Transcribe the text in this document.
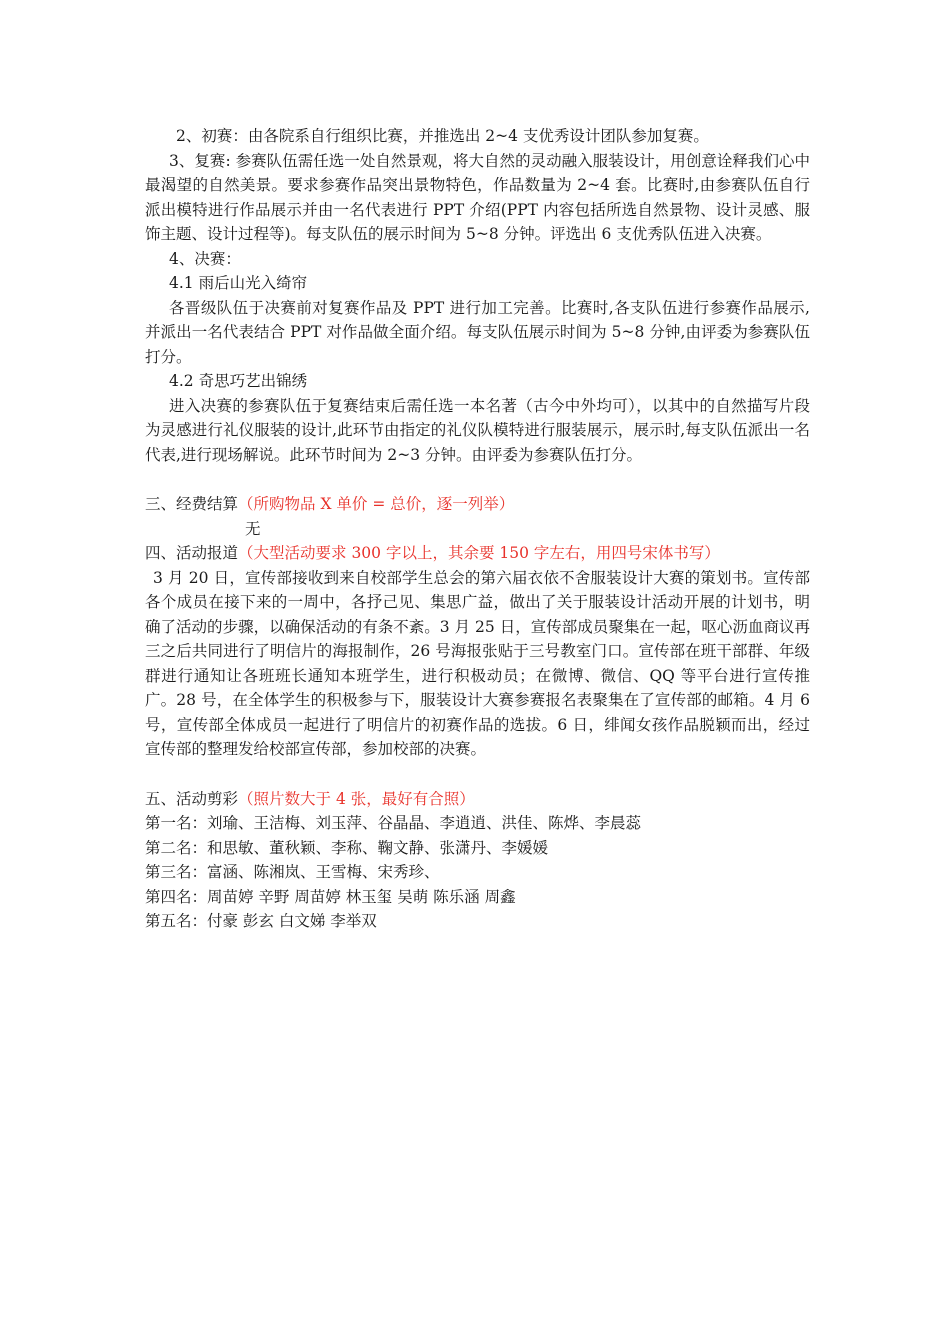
2、初赛：由各院系自行组织比赛，并推选出 2~4 支优秀设计团队参加复赛。
3、复赛: 参赛队伍需任选一处自然景观，将大自然的灵动融入服装设计，用创意诠释我们心中最渴望的自然美景。要求参赛作品突出景物特色，作品数量为 2~4 套。比赛时,由参赛队伍自行派出模特进行作品展示并由一名代表进行 PPT 介绍(PPT 内容包括所选自然景物、设计灵感、服饰主题、设计过程等)。每支队伍的展示时间为 5~8 分钟。评选出 6 支优秀队伍进入决赛。
4、决赛：
4.1 雨后山光入绮帘
各晋级队伍于决赛前对复赛作品及 PPT 进行加工完善。比赛时,各支队伍进行参赛作品展示, 并派出一名代表结合 PPT 对作品做全面介绍。每支队伍展示时间为 5~8 分钟,由评委为参赛队伍打分。
4.2 奇思巧艺出锦绣
进入决赛的参赛队伍于复赛结束后需任选一本名著（古今中外均可），以其中的自然描写片段为灵感进行礼仪服装的设计,此环节由指定的礼仪队模特进行服装展示，展示时,每支队伍派出一名代表,进行现场解说。此环节时间为 2~3 分钟。由评委为参赛队伍打分。
三、经费结算（所购物品 X 单价 = 总价，逐一列举）
无
四、活动报道（大型活动要求 300 字以上，其余要 150 字左右，用四号宋体书写）
3 月 20 日，宣传部接收到来自校部学生总会的第六届衣依不舍服装设计大赛的策划书。宣传部各个成员在接下来的一周中，各抒己见、集思广益，做出了关于服装设计活动开展的计划书，明确了活动的步骤，以确保活动的有条不紊。3 月 25 日，宣传部成员聚集在一起，呕心沥血商议再三之后共同进行了明信片的海报制作，26 号海报张贴于三号教室门口。宣传部在班干部群、年级群进行通知让各班班长通知本班学生，进行积极动员；在微博、微信、QQ 等平台进行宣传推广。28 号，在全体学生的积极参与下，服装设计大赛参赛报名表聚集在了宣传部的邮箱。4 月 6 号，宣传部全体成员一起进行了明信片的初赛作品的选拔。6 日，绯闻女孩作品脱颖而出，经过宣传部的整理发给校部宣传部，参加校部的决赛。
五、活动剪彩（照片数大于 4 张，最好有合照）
第一名：刘瑜、王洁梅、刘玉萍、谷晶晶、李逍逍、洪佳、陈烨、李晨蕊
第二名：和思敏、董秋颖、李称、鞠文静、张潇丹、李媛媛
第三名：富涵、陈湘岚、王雪梅、宋秀珍、
第四名：周苗婷 辛野 周苗婷 林玉玺 吴萌 陈乐涵 周鑫
第五名：付豪 彭玄 白文娣 李举双
